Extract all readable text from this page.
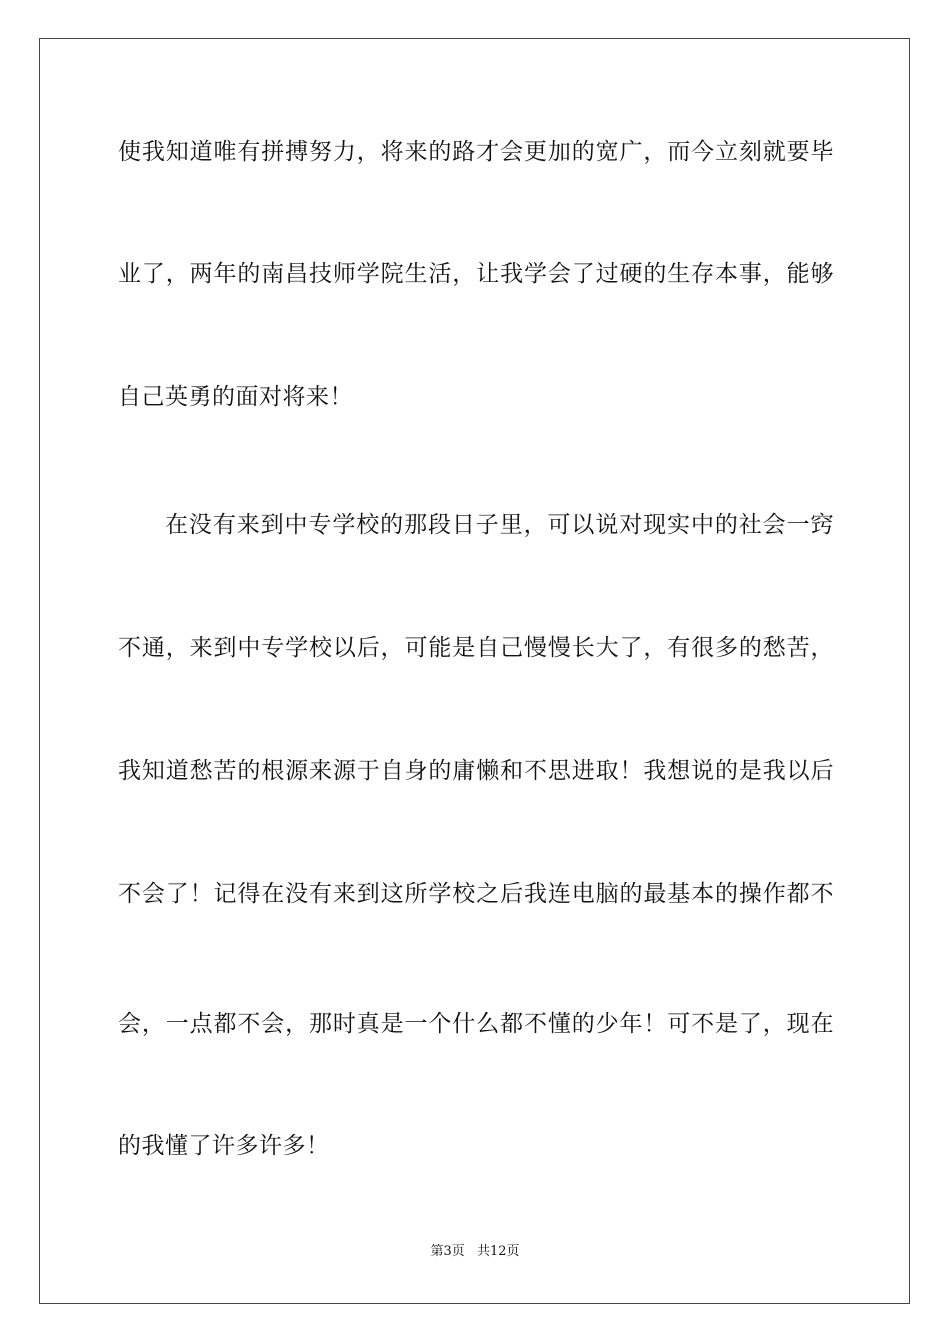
使我知道唯有拼搏努力，将来的路才会更加的宽广，而今立刻就要毕
业了，两年的南昌技师学院生活，让我学会了过硬的生存本事，能够
自己英勇的面对将来！
在没有来到中专学校的那段日子里，可以说对现实中的社会一窍
不通，来到中专学校以后，可能是自己慢慢长大了，有很多的愁苦，
我知道愁苦的根源来源于自身的庸懒和不思进取！我想说的是我以后
不会了！记得在没有来到这所学校之后我连电脑的最基本的操作都不
会，一点都不会，那时真是一个什么都不懂的少年！可不是了，现在
的我懂了许多许多！
第3页 共12页
